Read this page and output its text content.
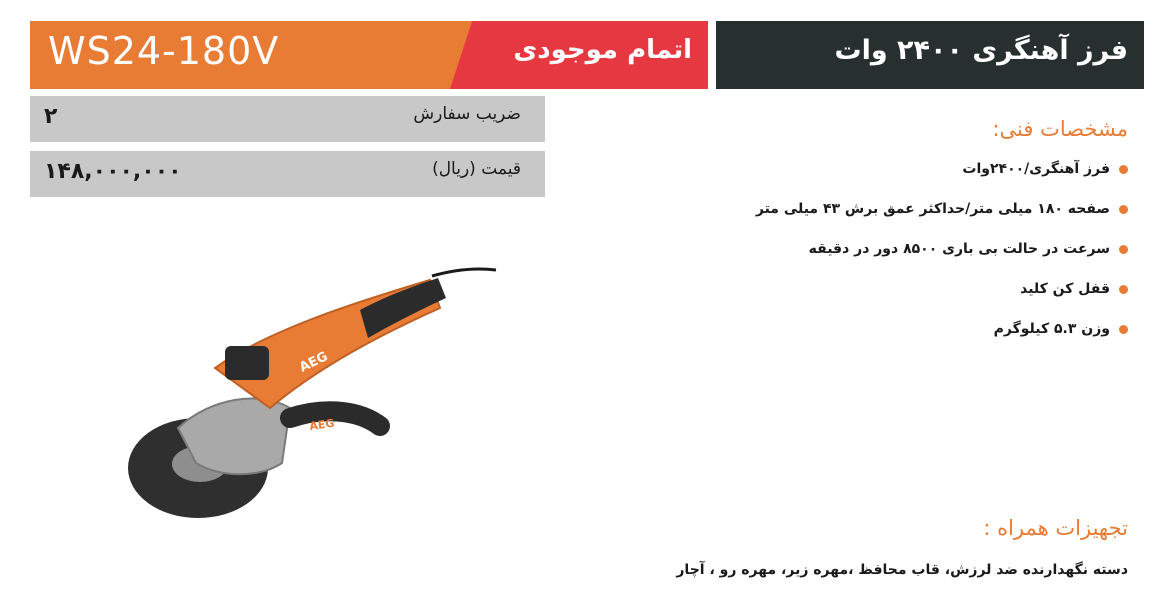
WS24-180V	اتمام موجودی	فرز آهنگری ۲۴۰۰ وات
ضریب سفارش
۲
قیمت (ریال)
۱۴۸,۰۰۰,۰۰۰
مشخصات فنی:
فرز آهنگری/۲۴۰۰وات
صفحه ۱۸۰ میلی متر/حداکثر عمق برش ۴۳ میلی متر
سرعت در حالت بی باری ۸۵۰۰ دور در دقیقه
قفل کن کلید
وزن ۵.۳ کیلوگرم
تجهیزات همراه :
دسته نگهدارنده ضد لرزش، قاب محافظ ،مهره زیر، مهره رو ، آچار
AEG
AEG
